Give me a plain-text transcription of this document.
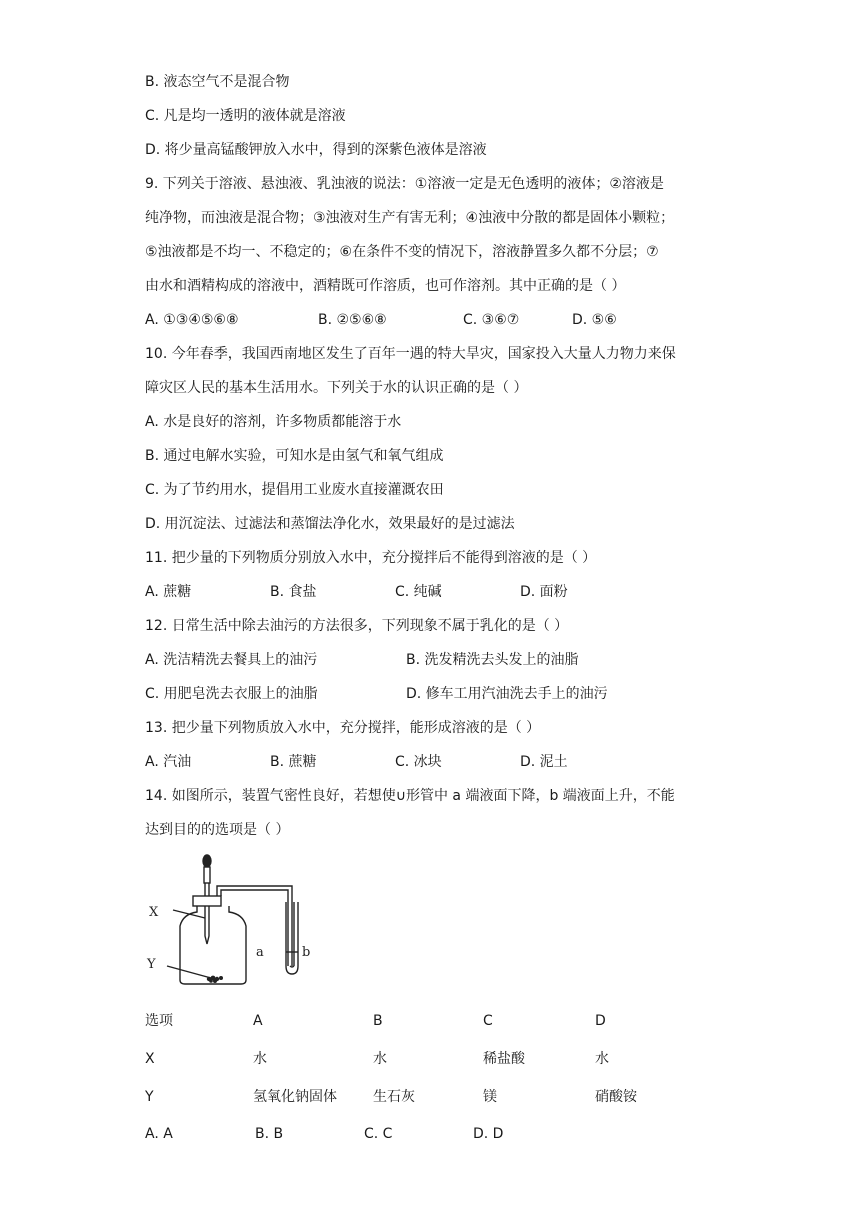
B. 液态空气不是混合物
C. 凡是均一透明的液体就是溶液
D. 将少量高锰酸钾放入水中，得到的深紫色液体是溶液
9. 下列关于溶液、悬浊液、乳浊液的说法：①溶液一定是无色透明的液体；②溶液是
纯净物，而浊液是混合物；③浊液对生产有害无利；④浊液中分散的都是固体小颗粒；
⑤浊液都是不均一、不稳定的；⑥在条件不变的情况下，溶液静置多久都不分层；⑦
由水和酒精构成的溶液中，酒精既可作溶质，也可作溶剂。其中正确的是（ ）
A. ①③④⑤⑥⑧	B. ②⑤⑥⑧	C. ③⑥⑦	D. ⑤⑥
10. 今年春季，我国西南地区发生了百年一遇的特大旱灾，国家投入大量人力物力来保
障灾区人民的基本生活用水。下列关于水的认识正确的是（ ）
A. 水是良好的溶剂，许多物质都能溶于水
B. 通过电解水实验，可知水是由氢气和氧气组成
C. 为了节约用水，提倡用工业废水直接灌溉农田
D. 用沉淀法、过滤法和蒸馏法净化水，效果最好的是过滤法
11. 把少量的下列物质分别放入水中，充分搅拌后不能得到溶液的是（ ）
A. 蔗糖	B. 食盐	C. 纯碱	D. 面粉
12. 日常生活中除去油污的方法很多，下列现象不属于乳化的是（ ）
A. 洗洁精洗去餐具上的油污	B. 洗发精洗去头发上的油脂
C. 用肥皂洗去衣服上的油脂	D. 修车工用汽油洗去手上的油污
13. 把少量下列物质放入水中，充分搅拌，能形成溶液的是（ ）
A. 汽油	B. 蔗糖	C. 冰块	D. 泥土
14. 如图所示，装置气密性良好，若想使∪形管中 a 端液面下降，b 端液面上升，不能
达到目的的选项是（ ）
X
Y
a	b
选项	A	B	C	D
X	水	水	稀盐酸	水
Y	氢氧化钠固体	生石灰	镁	硝酸铵
A. A	B. B	C. C	D. D
